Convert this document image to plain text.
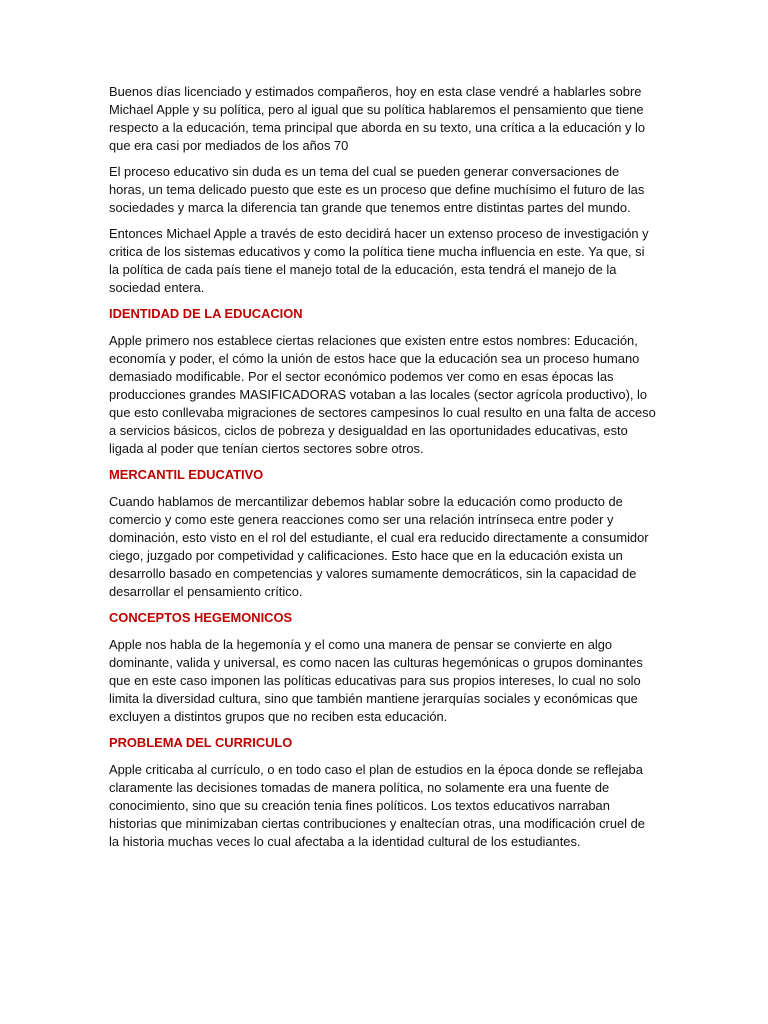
Buenos días licenciado y estimados compañeros, hoy en esta clase vendré a hablarles sobre Michael Apple y su política, pero al igual que su política hablaremos el pensamiento que tiene respecto a la educación, tema principal que aborda en su texto, una crítica a la educación y lo que era casi por mediados de los años 70

El proceso educativo sin duda es un tema del cual se pueden generar conversaciones de horas, un tema delicado puesto que este es un proceso que define muchísimo el futuro de las sociedades y marca la diferencia tan grande que tenemos entre distintas partes del mundo.

Entonces Michael Apple a través de esto decidirá hacer un extenso proceso de investigación y critica de los sistemas educativos y como la política tiene mucha influencia en este. Ya que, si la política de cada país tiene el manejo total de la educación, esta tendrá el manejo de la sociedad entera.

IDENTIDAD DE LA EDUCACION

Apple primero nos establece ciertas relaciones que existen entre estos nombres: Educación, economía y poder, el cómo la unión de estos hace que la educación sea un proceso humano demasiado modificable. Por el sector económico podemos ver como en esas épocas las producciones grandes MASIFICADORAS votaban a las locales (sector agrícola productivo), lo que esto conllevaba migraciones de sectores campesinos lo cual resulto en una falta de acceso a servicios básicos, ciclos de pobreza y desigualdad en las oportunidades educativas, esto ligada al poder que tenían ciertos sectores sobre otros.

MERCANTIL EDUCATIVO

Cuando hablamos de mercantilizar debemos hablar sobre la educación como producto de comercio y como este genera reacciones como ser una relación intrínseca entre poder y dominación, esto visto en el rol del estudiante, el cual era reducido directamente a consumidor ciego, juzgado por competividad y calificaciones. Esto hace que en la educación exista un desarrollo basado en competencias y valores sumamente democráticos, sin la capacidad de desarrollar el pensamiento crítico.

CONCEPTOS HEGEMONICOS

Apple nos habla de la hegemonía y el como una manera de pensar se convierte en algo dominante, valida y universal, es como nacen las culturas hegemónicas o grupos dominantes que en este caso imponen las políticas educativas para sus propios intereses, lo cual no solo limita la diversidad cultura, sino que también mantiene jerarquías sociales y económicas que excluyen a distintos grupos que no reciben esta educación.

PROBLEMA DEL CURRICULO

Apple criticaba al currículo, o en todo caso el plan de estudios en la época donde se reflejaba claramente las decisiones tomadas de manera política, no solamente era una fuente de conocimiento, sino que su creación tenia fines políticos. Los textos educativos narraban historias que minimizaban ciertas contribuciones y enaltecían otras, una modificación cruel de la historia muchas veces lo cual afectaba a la identidad cultural de los estudiantes.
